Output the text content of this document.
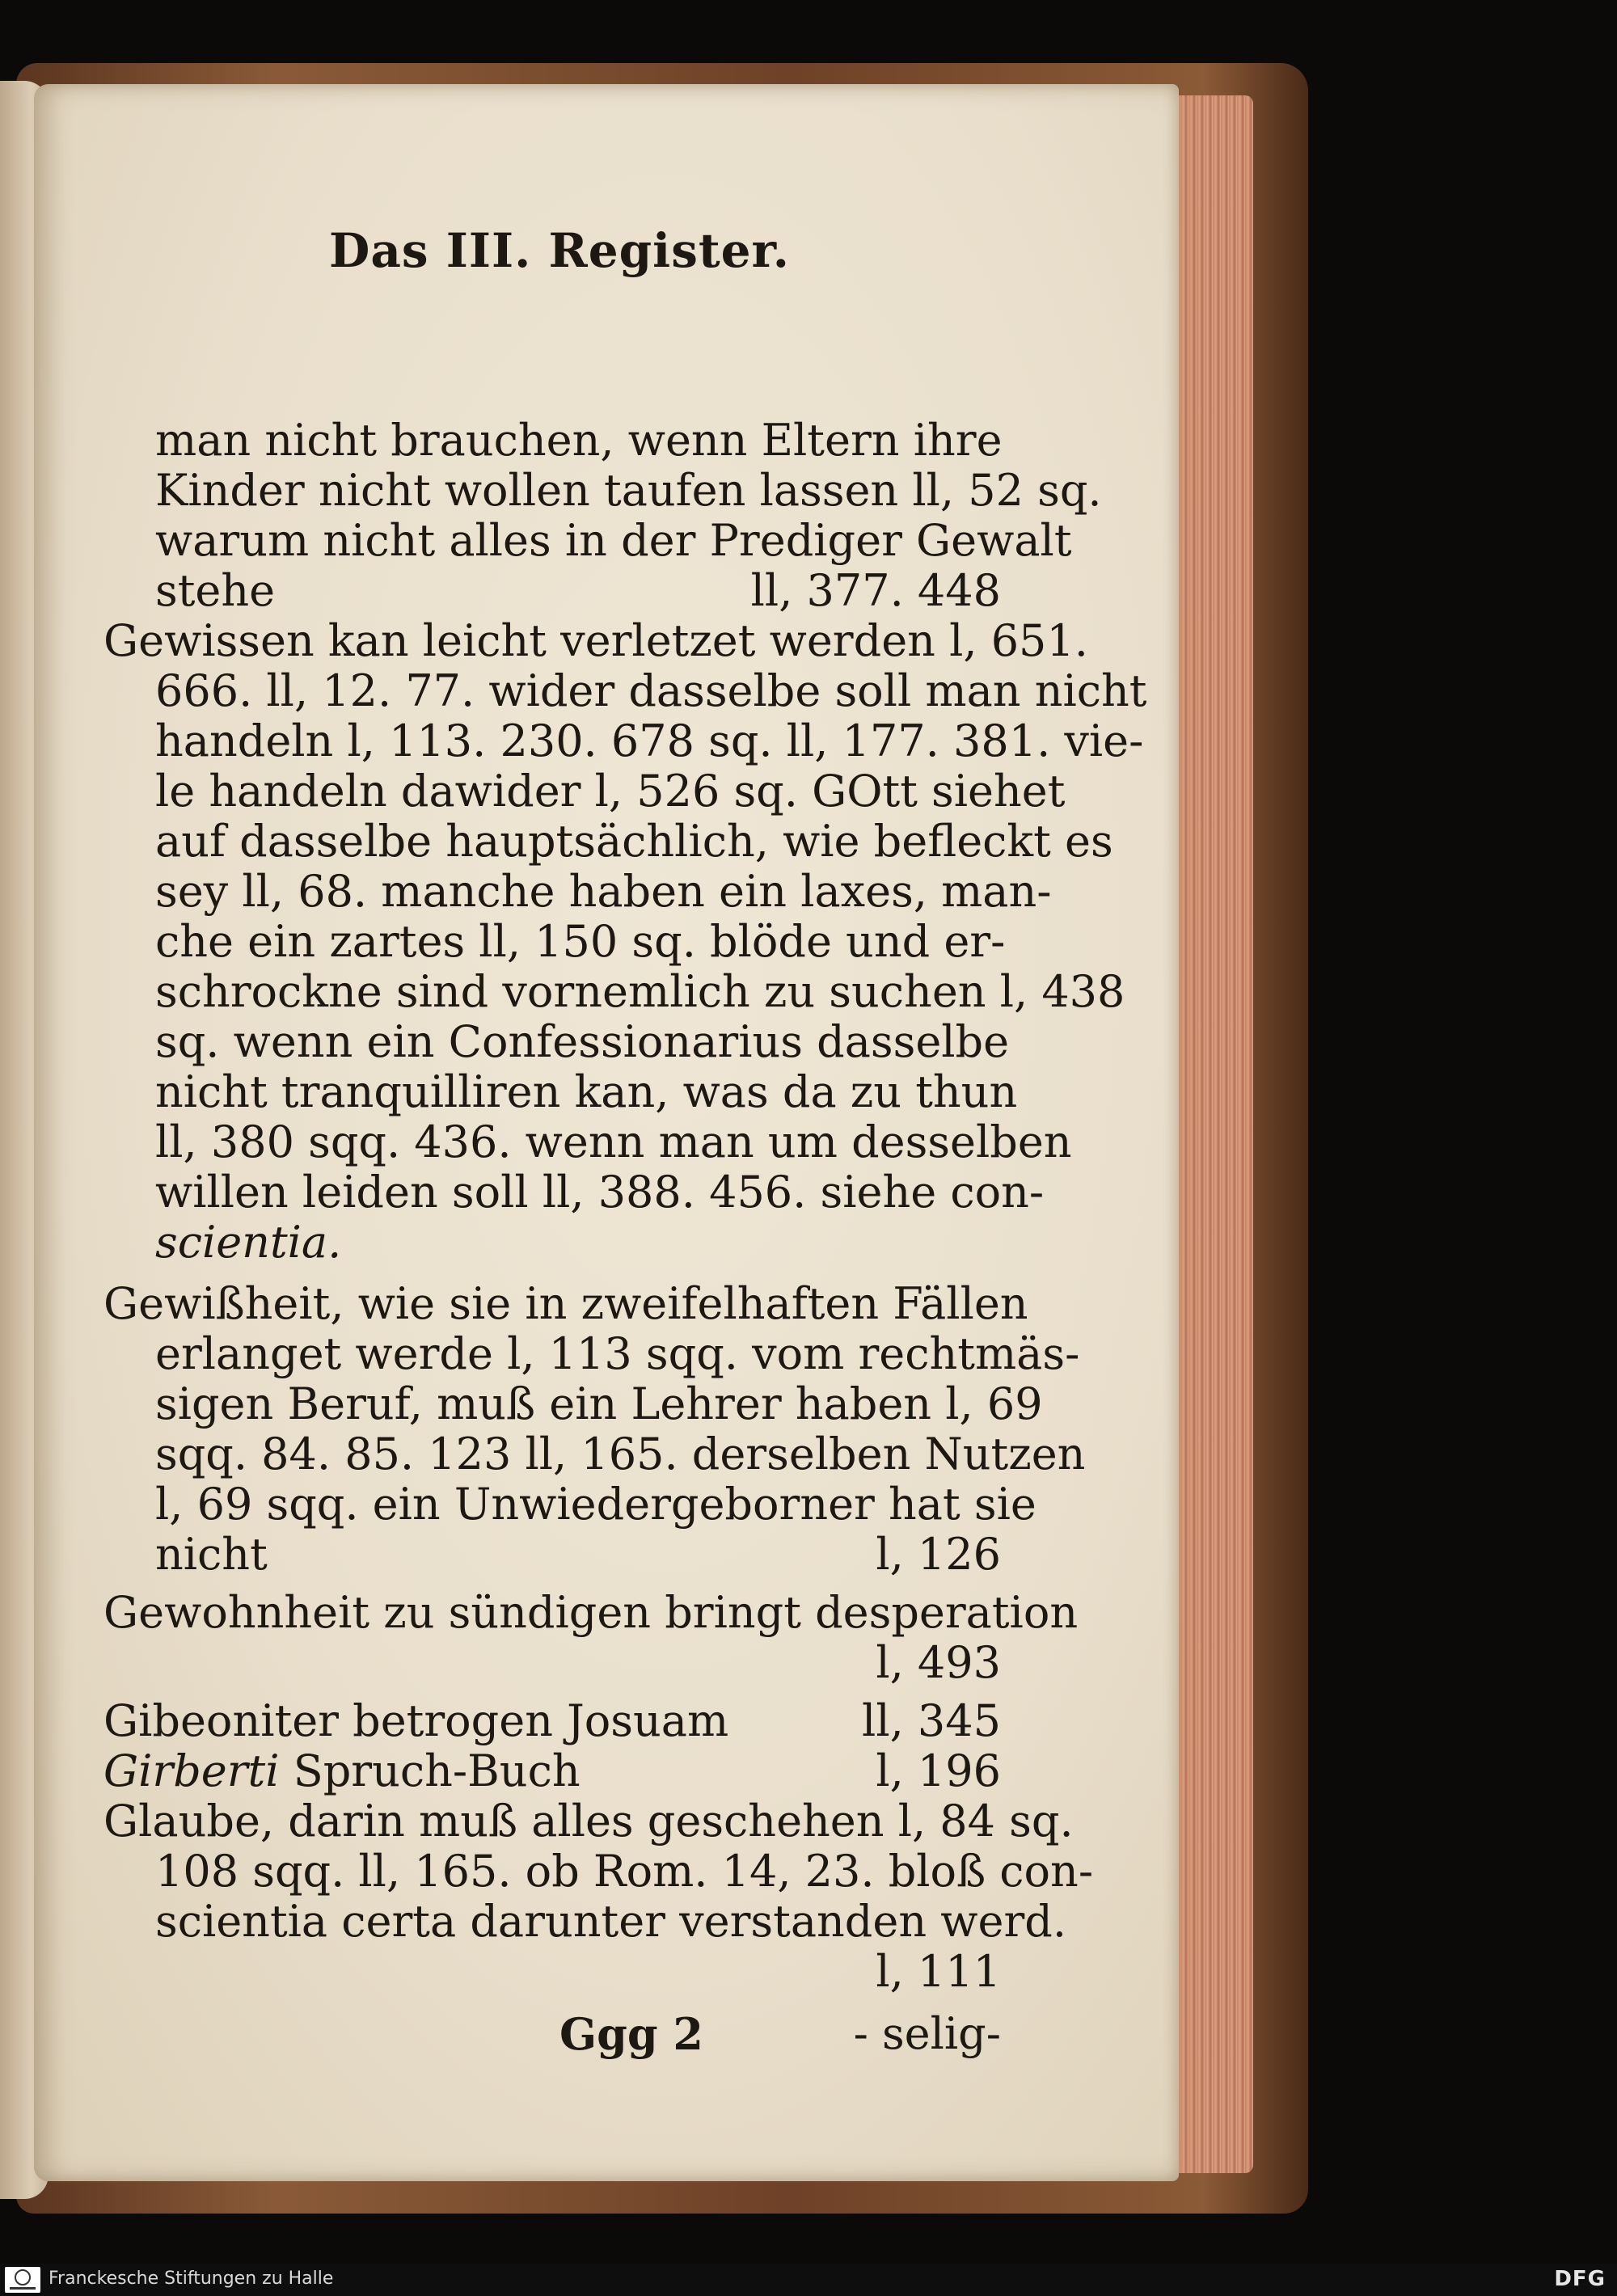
Das III. Register.
man nicht brauchen, wenn Eltern ihre
Kinder nicht wollen taufen lassen ll, 52 sq.
warum nicht alles in der Prediger Gewalt
stehe	ll, 377. 448
Gewissen kan leicht verletzet werden l, 651.
666. ll, 12. 77. wider dasselbe soll man nicht
handeln l, 113. 230. 678 sq. ll, 177. 381. vie-
le handeln dawider l, 526 sq. GOtt siehet
auf dasselbe hauptsächlich, wie befleckt es
sey ll, 68. manche haben ein laxes, man-
che ein zartes ll, 150 sq. blöde und er-
schrockne sind vornemlich zu suchen l, 438
sq. wenn ein Confessionarius dasselbe
nicht tranquilliren kan, was da zu thun
ll, 380 sqq. 436. wenn man um desselben
willen leiden soll ll, 388. 456. siehe con-
scientia.
Gewißheit, wie sie in zweifelhaften Fällen
erlanget werde l, 113 sqq. vom rechtmäs-
sigen Beruf, muß ein Lehrer haben l, 69
sqq. 84. 85. 123 ll, 165. derselben Nutzen
l, 69 sqq. ein Unwiedergeborner hat sie
nicht	l, 126
Gewohnheit zu sündigen bringt desperation
l, 493
Gibeoniter betrogen Josuam	ll, 345
Girberti Spruch-Buch	l, 196
Glaube, darin muß alles geschehen l, 84 sq.
108 sqq. ll, 165. ob Rom. 14, 23. bloß con-
scientia certa darunter verstanden werd.
l, 111
Ggg 2	- selig-
Franckesche Stiftungen zu Halle	DFG
